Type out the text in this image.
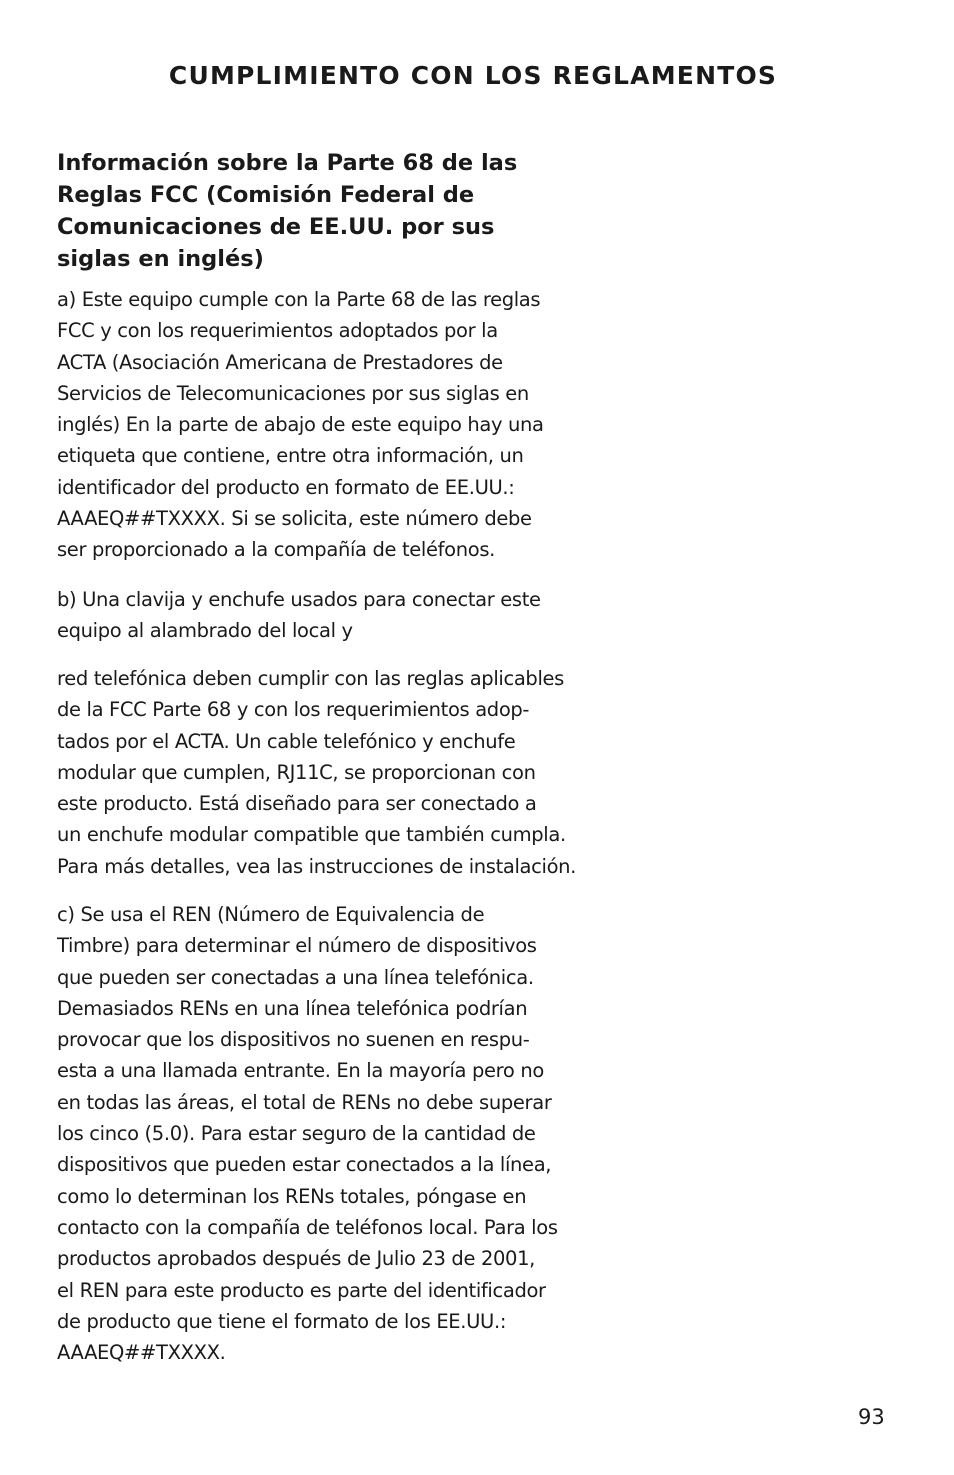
CUMPLIMIENTO CON LOS REGLAMENTOS
Información sobre la Parte 68 de las
Reglas FCC (Comisión Federal de
Comunicaciones de EE.UU. por sus
siglas en inglés)

a) Este equipo cumple con la Parte 68 de las reglas
FCC y con los requerimientos adoptados por la
ACTA (Asociación Americana de Prestadores de
Servicios de Telecomunicaciones por sus siglas en
inglés) En la parte de abajo de este equipo hay una
etiqueta que contiene, entre otra información, un
identificador del producto en formato de EE.UU.:
AAAEQ##TXXXX. Si se solicita, este número debe
ser proporcionado a la compañía de teléfonos.

b) Una clavija y enchufe usados para conectar este
equipo al alambrado del local y

red telefónica deben cumplir con las reglas aplicables
de la FCC Parte 68 y con los requerimientos adop-
tados por el ACTA. Un cable telefónico y enchufe
modular que cumplen, RJ11C, se proporcionan con
este producto. Está diseñado para ser conectado a
un enchufe modular compatible que también cumpla.
Para más detalles, vea las instrucciones de instalación.

c) Se usa el REN (Número de Equivalencia de
Timbre) para determinar el número de dispositivos
que pueden ser conectadas a una línea telefónica.
Demasiados RENs en una línea telefónica podrían
provocar que los dispositivos no suenen en respu-
esta a una llamada entrante. En la mayoría pero no
en todas las áreas, el total de RENs no debe superar
los cinco (5.0). Para estar seguro de la cantidad de
dispositivos que pueden estar conectados a la línea,
como lo determinan los RENs totales, póngase en
contacto con la compañía de teléfonos local. Para los
productos aprobados después de Julio 23 de 2001,
el REN para este producto es parte del identificador
de producto que tiene el formato de los EE.UU.:
AAAEQ##TXXXX.

93
